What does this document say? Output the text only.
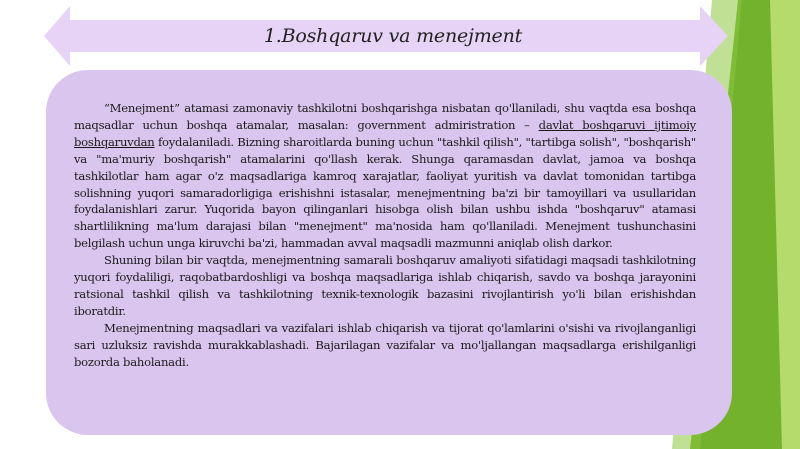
1.Boshqaruv va menejment

“Menejment” atamasi zamonaviy tashkilotni boshqarishga nisbatan qo'llaniladi, shu vaqtda esa boshqa maqsadlar uchun boshqa atamalar, masalan: government admiristration – davlat boshqaruvi ijtimoiy boshqaruvdan foydalaniladi. Bizning sharoitlarda buning uchun "tashkil qilish", "tartibga solish", "boshqarish" va "ma'muriy boshqarish" atamalarini qo'llash kerak. Shunga qaramasdan davlat, jamoa va boshqa tashkilotlar ham agar o'z maqsadlariga kamroq xarajatlar, faoliyat yuritish va davlat tomonidan tartibga solishning yuqori samaradorligiga erishishni istasalar, menejmentning ba'zi bir tamoyillari va usullaridan foydalanishlari zarur. Yuqorida bayon qilinganlari hisobga olish bilan ushbu ishda "boshqaruv" atamasi shartlilikning ma'lum darajasi bilan "menejment" ma'nosida ham qo'llaniladi. Menejment tushunchasini belgilash uchun unga kiruvchi ba'zi, hammadan avval maqsadli mazmunni aniqlab olish darkor.

Shuning bilan bir vaqtda, menejmentning samarali boshqaruv amaliyoti sifatidagi maqsadi tashkilotning yuqori foydaliligi, raqobatbardoshligi va boshqa maqsadlariga ishlab chiqarish, savdo va boshqa jarayonini ratsional tashkil qilish va tashkilotning texnik-texnologik bazasini rivojlantirish yo'li bilan erishishdan iboratdir.

Menejmentning maqsadlari va vazifalari ishlab chiqarish va tijorat qo'lamlarini o'sishi va rivojlanganligi sari uzluksiz ravishda murakkablashadi. Bajarilagan vazifalar va mo'ljallangan maqsadlarga erishilganligi bozorda baholanadi.
